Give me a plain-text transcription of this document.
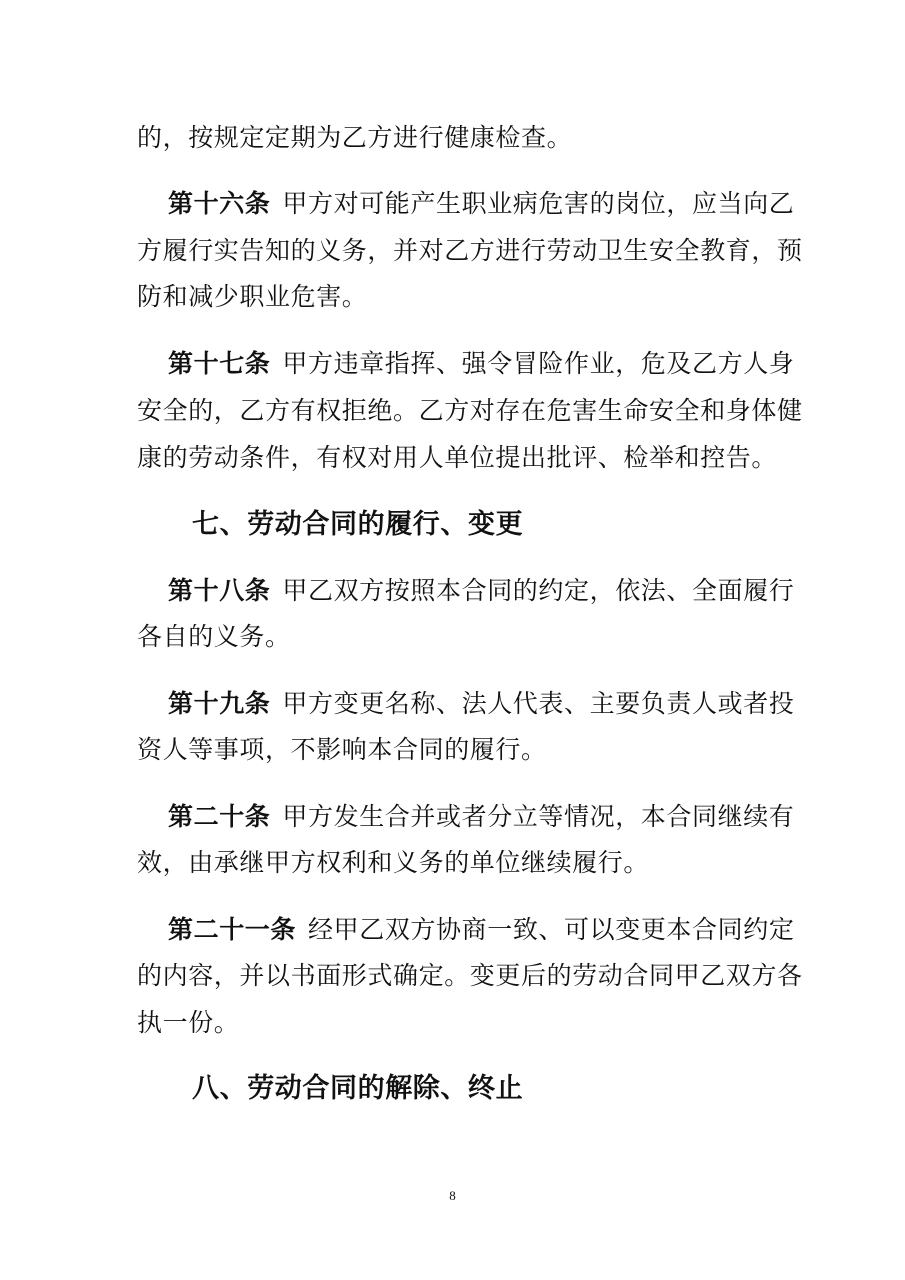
的，按规定定期为乙方进行健康检查。
第十六条 甲方对可能产生职业病危害的岗位，应当向乙
方履行实告知的义务，并对乙方进行劳动卫生安全教育，预
防和减少职业危害。
第十七条 甲方违章指挥、强令冒险作业，危及乙方人身
安全的，乙方有权拒绝。乙方对存在危害生命安全和身体健
康的劳动条件，有权对用人单位提出批评、检举和控告。
七、劳动合同的履行、变更
第十八条 甲乙双方按照本合同的约定，依法、全面履行
各自的义务。
第十九条 甲方变更名称、法人代表、主要负责人或者投
资人等事项，不影响本合同的履行。
第二十条 甲方发生合并或者分立等情况，本合同继续有
效，由承继甲方权利和义务的单位继续履行。
第二十一条 经甲乙双方协商一致、可以变更本合同约定
的内容，并以书面形式确定。变更后的劳动合同甲乙双方各
执一份。
八、劳动合同的解除、终止
8
